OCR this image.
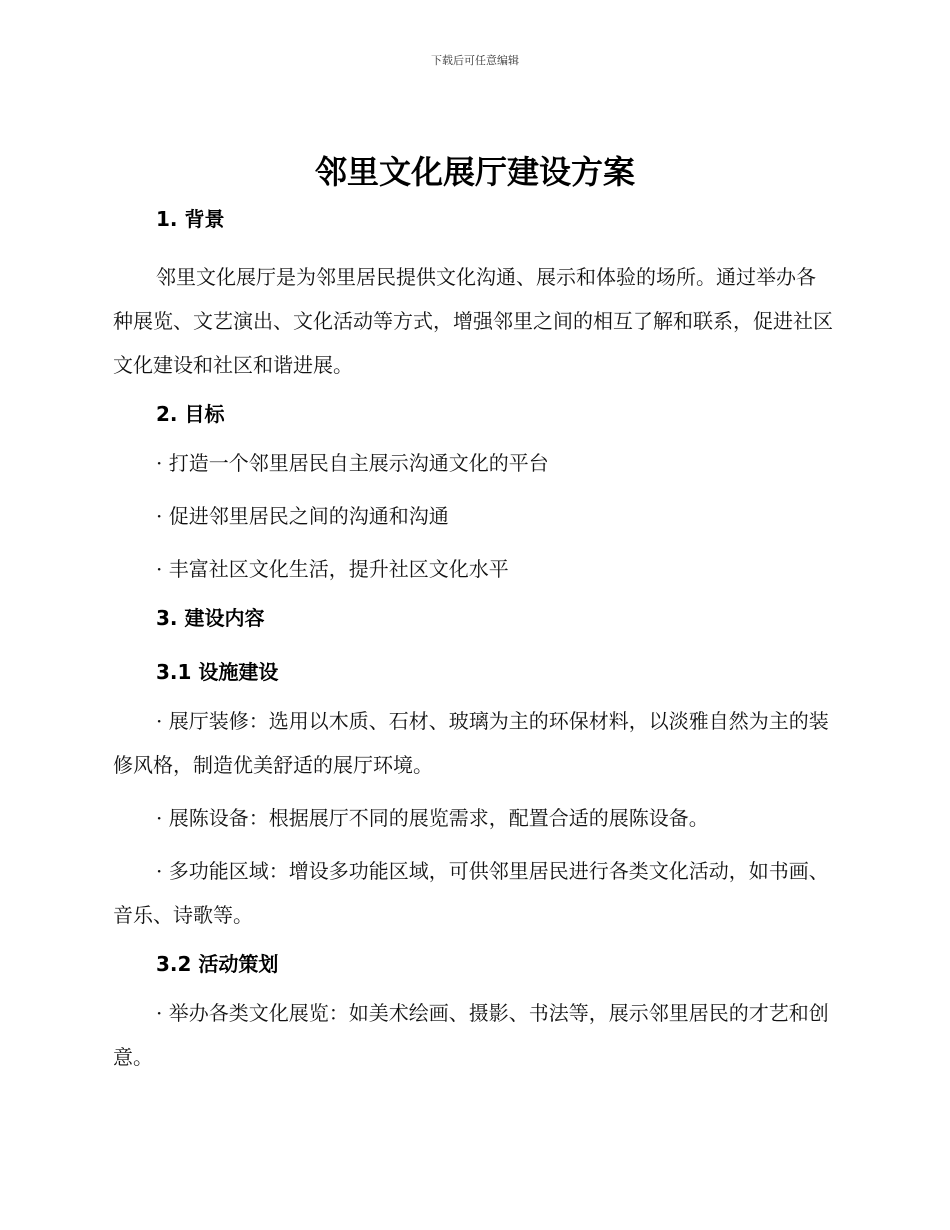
下载后可任意编辑
邻里文化展厅建设方案
1. 背景

邻里文化展厅是为邻里居民提供文化沟通、展示和体验的场所。通过举办各种展览、文艺演出、文化活动等方式，增强邻里之间的相互了解和联系，促进社区文化建设和社区和谐进展。

2. 目标

· 打造一个邻里居民自主展示沟通文化的平台

· 促进邻里居民之间的沟通和沟通

· 丰富社区文化生活，提升社区文化水平

3. 建设内容
3.1 设施建设

· 展厅装修：选用以木质、石材、玻璃为主的环保材料，以淡雅自然为主的装修风格，制造优美舒适的展厅环境。

· 展陈设备：根据展厅不同的展览需求，配置合适的展陈设备。

· 多功能区域：增设多功能区域，可供邻里居民进行各类文化活动，如书画、音乐、诗歌等。

3.2 活动策划

· 举办各类文化展览：如美术绘画、摄影、书法等，展示邻里居民的才艺和创意。
